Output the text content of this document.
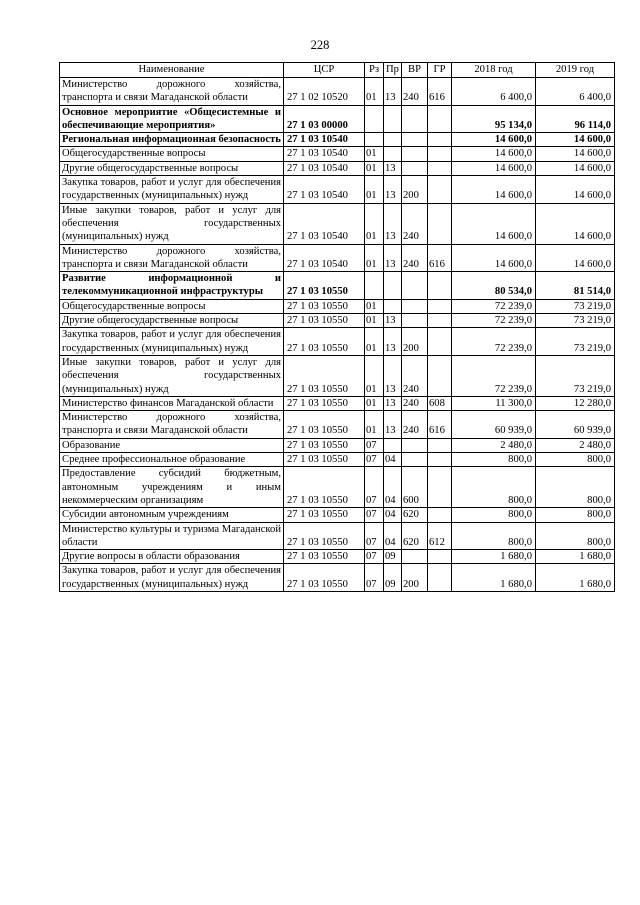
228
Наименование	ЦСР	Рз	Пр	ВР	ГР	2018 год	2019 год
Министерство дорожного хозяйства, транспорта и связи Магаданской области	27 1 02 10520	01	13	240	616	6 400,0	6 400,0
Основное мероприятие «Общесистемные и обеспечивающие мероприятия»	27 1 03 00000					95 134,0	96 114,0
Региональная информационная безопасность	27 1 03 10540					14 600,0	14 600,0
Общегосударственные вопросы	27 1 03 10540	01				14 600,0	14 600,0
Другие общегосударственные вопросы	27 1 03 10540	01	13			14 600,0	14 600,0
Закупка товаров, работ и услуг для обеспечения государственных (муниципальных) нужд	27 1 03 10540	01	13	200		14 600,0	14 600,0
Иные закупки товаров, работ и услуг для обеспечения государственных (муниципальных) нужд	27 1 03 10540	01	13	240		14 600,0	14 600,0
Министерство дорожного хозяйства, транспорта и связи Магаданской области	27 1 03 10540	01	13	240	616	14 600,0	14 600,0
Развитие информационной и телекоммуникационной инфраструктуры	27 1 03 10550					80 534,0	81 514,0
Общегосударственные вопросы	27 1 03 10550	01				72 239,0	73 219,0
Другие общегосударственные вопросы	27 1 03 10550	01	13			72 239,0	73 219,0
Закупка товаров, работ и услуг для обеспечения государственных (муниципальных) нужд	27 1 03 10550	01	13	200		72 239,0	73 219,0
Иные закупки товаров, работ и услуг для обеспечения государственных (муниципальных) нужд	27 1 03 10550	01	13	240		72 239,0	73 219,0
Министерство финансов Магаданской области	27 1 03 10550	01	13	240	608	11 300,0	12 280,0
Министерство дорожного хозяйства, транспорта и связи Магаданской области	27 1 03 10550	01	13	240	616	60 939,0	60 939,0
Образование	27 1 03 10550	07				2 480,0	2 480,0
Среднее профессиональное образование	27 1 03 10550	07	04			800,0	800,0
Предоставление субсидий бюджетным, автономным учреждениям и иным некоммерческим организациям	27 1 03 10550	07	04	600		800,0	800,0
Субсидии автономным учреждениям	27 1 03 10550	07	04	620		800,0	800,0
Министерство культуры и туризма Магаданской области	27 1 03 10550	07	04	620	612	800,0	800,0
Другие вопросы в области образования	27 1 03 10550	07	09			1 680,0	1 680,0
Закупка товаров, работ и услуг для обеспечения государственных (муниципальных) нужд	27 1 03 10550	07	09	200		1 680,0	1 680,0
